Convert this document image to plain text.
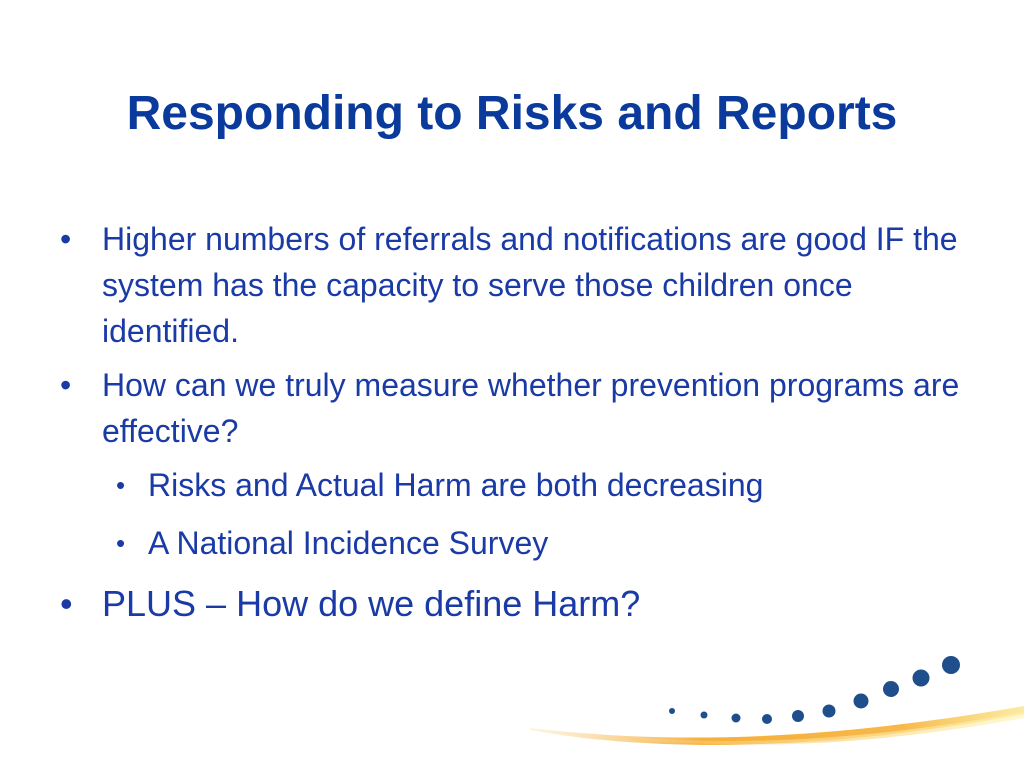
Responding to Risks and Reports
• Higher numbers of referrals and notifications are good IF the system has the capacity to serve those children once identified.
• How can we truly measure whether prevention programs are effective?
• Risks and Actual Harm are both decreasing
• A National Incidence Survey
• PLUS – How do we define Harm?
